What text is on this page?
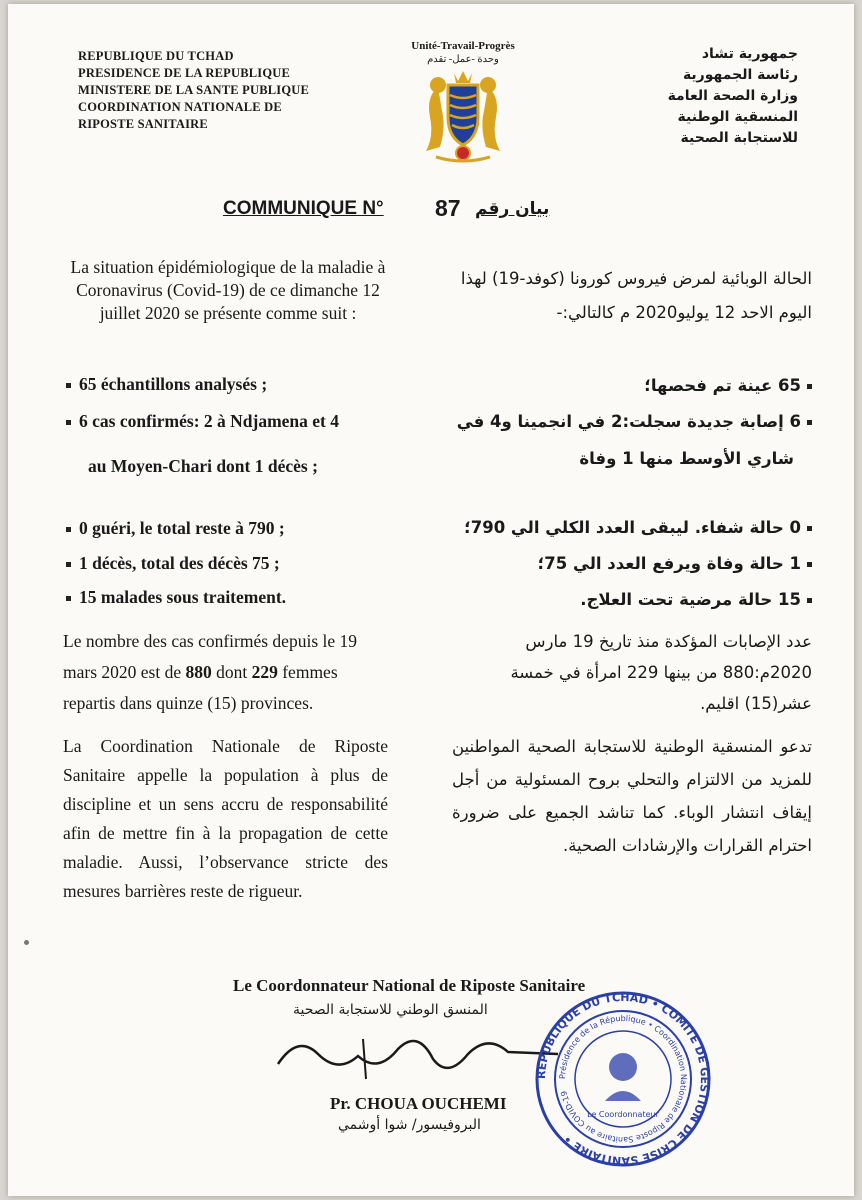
REPUBLIQUE DU TCHAD
PRESIDENCE DE LA REPUBLIQUE
MINISTERE DE LA SANTE PUBLIQUE
COORDINATION NATIONALE DE
RIPOSTE SANITAIRE
Unité-Travail-Progrès
وحدة -عمل- تقدم	جمهورية تشاد
رئاسة الجمهورية
وزارة الصحة العامة
المنسقية الوطنية
للاستجابة الصحية
COMMUNIQUE N° 87 بيان رقم
La situation épidémiologique de la maladie à Coronavirus (Covid-19) de ce dimanche 12 juillet 2020 se présente comme suit :
65 échantillons analysés ;
6 cas confirmés: 2 à Ndjamena et 4
au Moyen-Chari dont 1 décès ;
0 guéri, le total reste à 790 ;
1 décès, total des décès 75 ;
15 malades sous traitement.
Le nombre des cas confirmés depuis le 19 mars 2020 est de 880 dont 229 femmes repartis dans quinze (15) provinces.
La Coordination Nationale de Riposte Sanitaire appelle la population à plus de discipline et un sens accru de responsabilité afin de mettre fin à la propagation de cette maladie. Aussi, l’observance stricte des mesures barrières reste de rigueur.
الحالة الوبائية لمرض فيروس كورونا (كوفد-19) لهذا اليوم الاحد 12 يوليو2020 م كالتالي:-
65 عينة تم فحصها؛
6 إصابة جديدة سجلت:2 في انجمينا و4 في
شاري الأوسط منها 1 وفاة
0 حالة شفاء. ليبقى العدد الكلي الي 790؛
1 حالة وفاة ويرفع العدد الي 75؛
15 حالة مرضية تحت العلاج.
عدد الإصابات المؤكدة منذ تاريخ 19 مارس 2020م:880 من بينها 229 امرأة في خمسة عشر(15) اقليم.
تدعو المنسقية الوطنية للاستجابة الصحية المواطنين للمزيد من الالتزام والتحلي بروح المسئولية من أجل إيقاف انتشار الوباء. كما تناشد الجميع على ضرورة احترام القرارات والإرشادات الصحية.
Le Coordonnateur National de Riposte Sanitaire
المنسق الوطني للاستجابة الصحية
Pr. CHOUA OUCHEMI
البروفيسور/ شوا أوشمي
REPUBLIQUE DU TCHAD • COMITE DE GESTION DE CRISE SANITAIRE •
Présidence de la République • Coordination Nationale de Riposte Sanitaire au COVID-19
Le Coordonnateur
